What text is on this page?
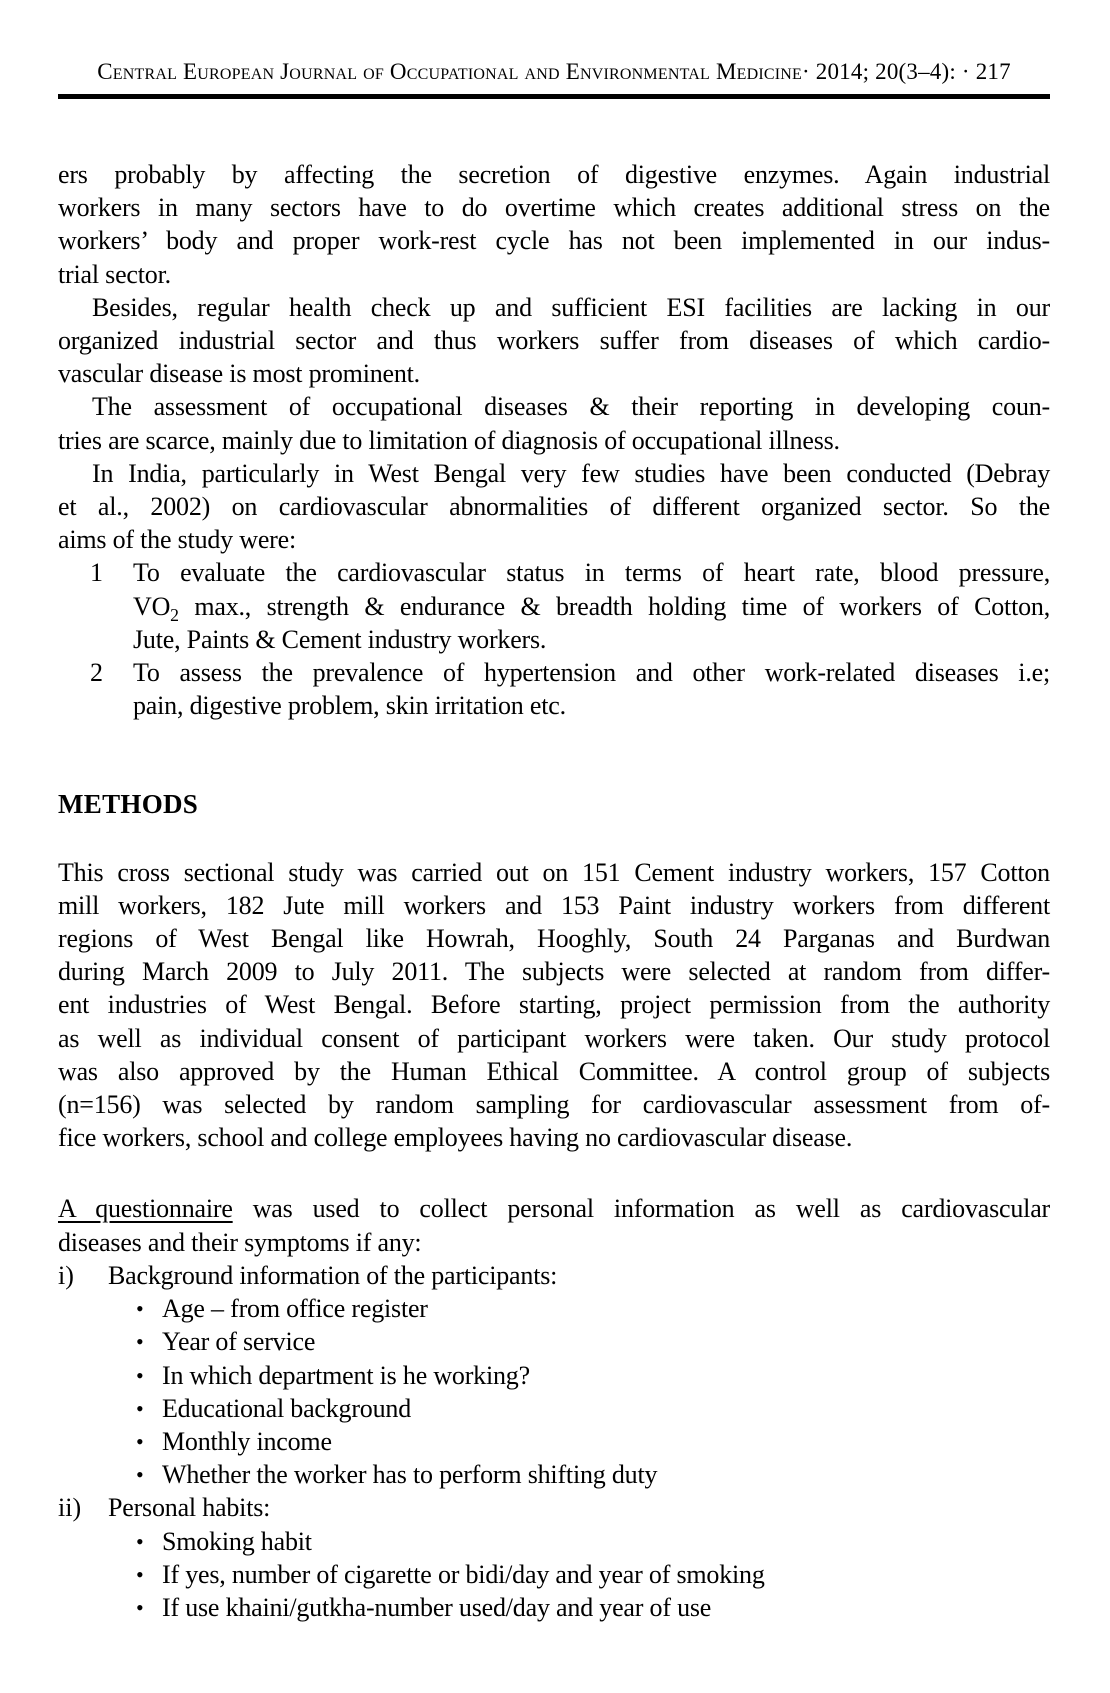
Central European Journal of Occupational and Environmental Medicine· 2014; 20(3–4): · 217
ers probably by affecting the secretion of digestive enzymes. Again industrial
workers in many sectors have to do overtime which creates additional stress on the
workers’ body and proper work-rest cycle has not been implemented in our indus-
trial sector.
Besides, regular health check up and sufficient ESI facilities are lacking in our
organized industrial sector and thus workers suffer from diseases of which cardio-
vascular disease is most prominent.
The assessment of occupational diseases & their reporting in developing coun-
tries are scarce, mainly due to limitation of diagnosis of occupational illness.
In India, particularly in West Bengal very few studies have been conducted (Debray
et al., 2002) on cardiovascular abnormalities of different organized sector. So the
aims of the study were:
1 To evaluate the cardiovascular status in terms of heart rate, blood pressure,
$VO_2$ max., strength & endurance & breadth holding time of workers of Cotton,
Jute, Paints & Cement industry workers.
2 To assess the prevalence of hypertension and other work-related diseases i.e;
pain, digestive problem, skin irritation etc.
METHODS
This cross sectional study was carried out on 151 Cement industry workers, 157 Cotton
mill workers, 182 Jute mill workers and 153 Paint industry workers from different
regions of West Bengal like Howrah, Hooghly, South 24 Parganas and Burdwan
during March 2009 to July 2011. The subjects were selected at random from differ-
ent industries of West Bengal. Before starting, project permission from the authority
as well as individual consent of participant workers were taken. Our study protocol
was also approved by the Human Ethical Committee. A control group of subjects
(n=156) was selected by random sampling for cardiovascular assessment from of-
fice workers, school and college employees having no cardiovascular disease.
A questionnaire was used to collect personal information as well as cardiovascular
diseases and their symptoms if any:
i) Background information of the participants:
• Age – from office register
• Year of service
• In which department is he working?
• Educational background
• Monthly income
• Whether the worker has to perform shifting duty
ii) Personal habits:
• Smoking habit
• If yes, number of cigarette or bidi/day and year of smoking
• If use khaini/gutkha-number used/day and year of use
